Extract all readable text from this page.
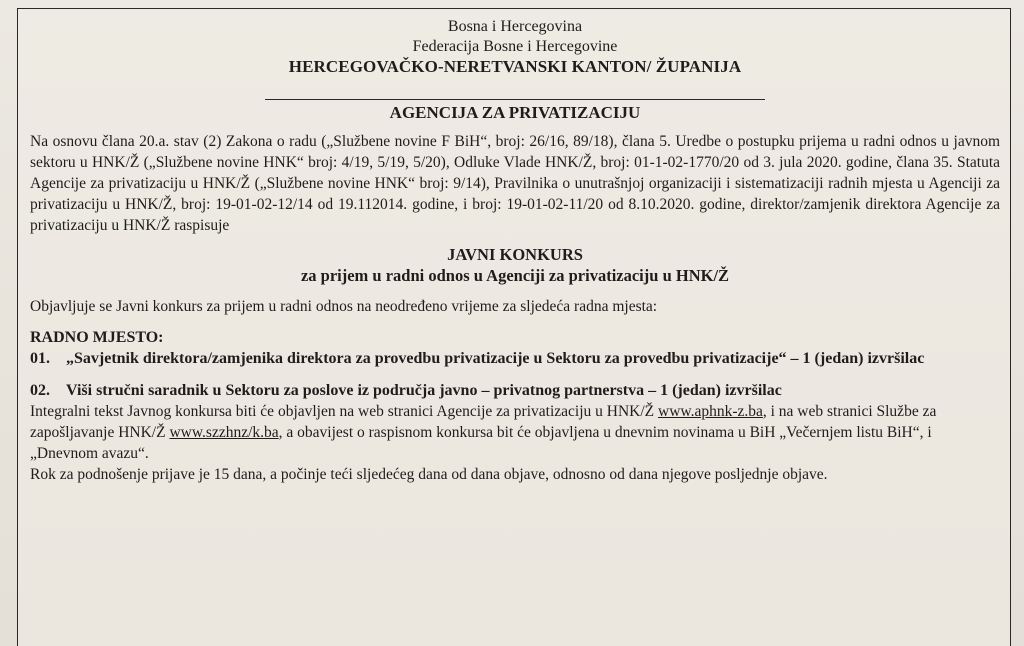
Bosna i Hercegovina
Federacija Bosne i Hercegovine
HERCEGOVAČKO-NERETVANSKI KANTON/ ŽUPANIJA
AGENCIJA ZA PRIVATIZACIJU

Na osnovu člana 20.a. stav (2) Zakona o radu („Službene novine F BiH“, broj: 26/16, 89/18), člana 5. Uredbe o postupku prijema u radni odnos u javnom sektoru u HNK/Ž („Službene novine HNK“ broj: 4/19, 5/19, 5/20), Odluke Vlade HNK/Ž, broj: 01-1-02-1770/20 od 3. jula 2020. godine, člana 35. Statuta Agencije za privatizaciju u HNK/Ž („Službene novine HNK“ broj: 9/14), Pravilnika o unutrašnjoj organizaciji i sistematizaciji radnih mjesta u Agenciji za privatizaciju u HNK/Ž, broj: 19-01-02-12/14 od 19.112014. godine, i broj: 19-01-02-11/20 od 8.10.2020. godine, direktor/zamjenik direktora Agencije za privatizaciju u HNK/Ž raspisuje

JAVNI KONKURS
za prijem u radni odnos u Agenciji za privatizaciju u HNK/Ž

Objavljuje se Javni konkurs za prijem u radni odnos na neodređeno vrijeme za sljedeća radna mjesta:

RADNO MJESTO:
01.	„Savjetnik direktora/zamjenika direktora za provedbu privatizacije u Sektoru za provedbu privatizacije“ – 1 (jedan) izvršilac
02.	Viši stručni saradnik u Sektoru za poslove iz područja javno – privatnog partnerstva – 1 (jedan) izvršilac

Integralni tekst Javnog konkursa biti će objavljen na web stranici Agencije za privatizaciju u HNK/Ž www.aphnk-z.ba, i na web stranici Službe za zapošljavanje HNK/Ž www.szzhnz/k.ba, a obavijest o raspisnom konkursa bit će objavljena u dnevnim novinama u BiH „Večernjem listu BiH“, i „Dnevnom avazu“.

Rok za podnošenje prijave je 15 dana, a počinje teći sljedećeg dana od dana objave, odnosno od dana njegove posljednje objave.
